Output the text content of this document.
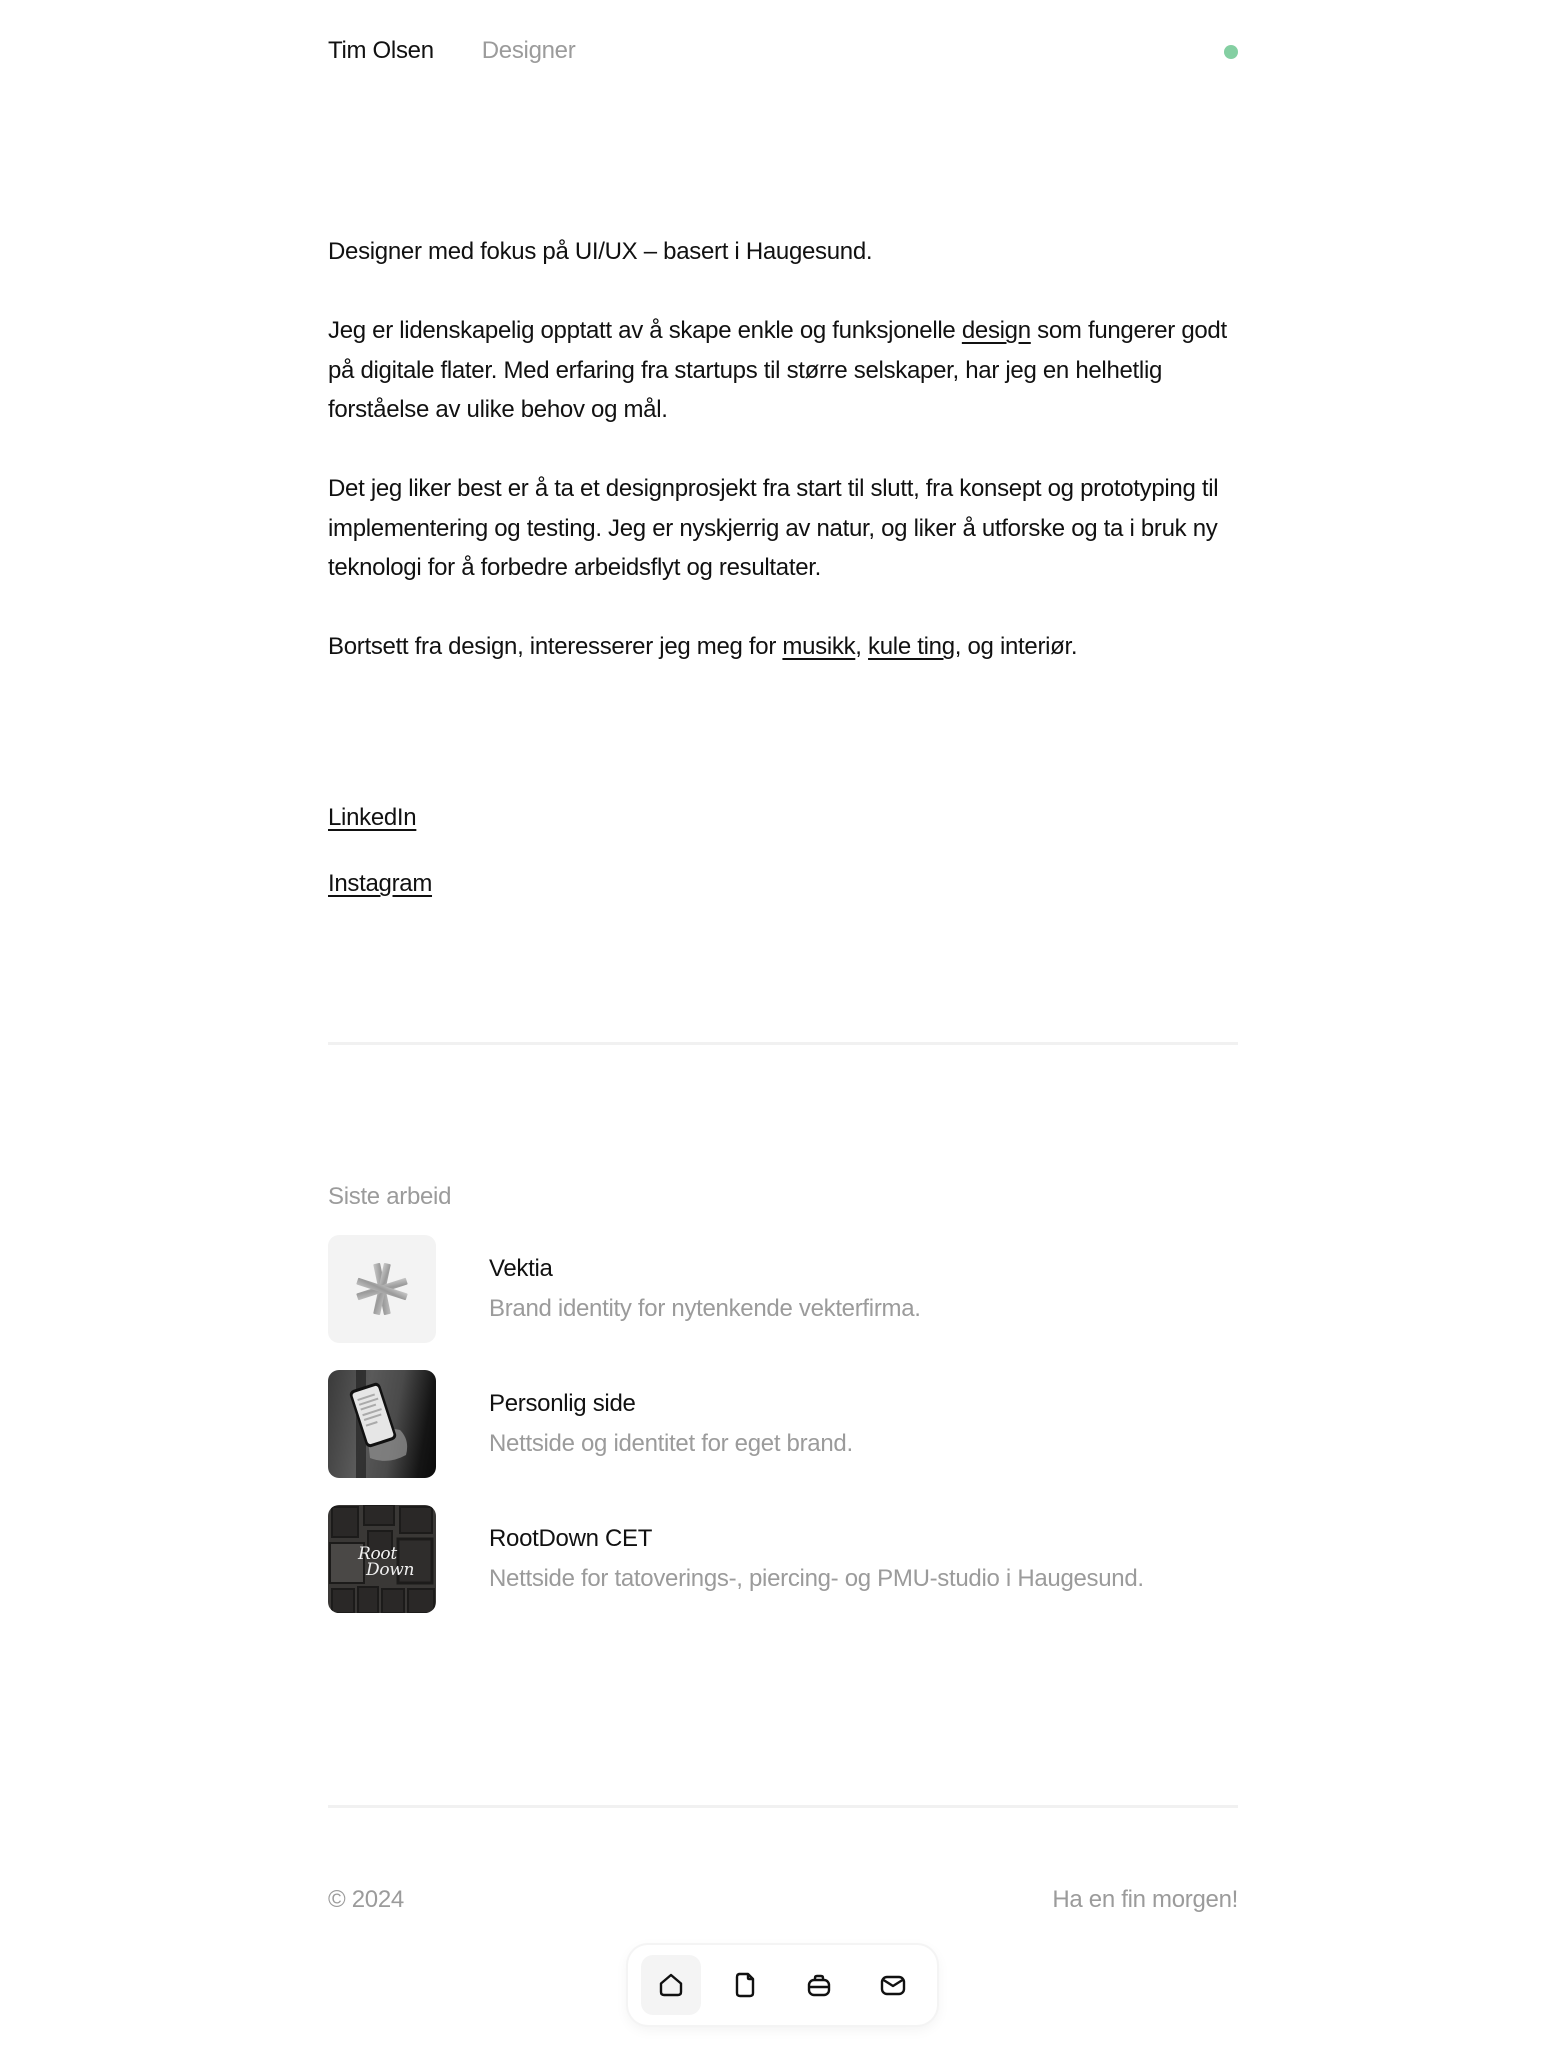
Tim Olsen Designer

Designer med fokus på UI/UX – basert i Haugesund.

Jeg er lidenskapelig opptatt av å skape enkle og funksjonelle design som fungerer godt på digitale flater. Med erfaring fra startups til større selskaper, har jeg en helhetlig forståelse av ulike behov og mål.

Det jeg liker best er å ta et designprosjekt fra start til slutt, fra konsept og prototyping til implementering og testing. Jeg er nyskjerrig av natur, og liker å utforske og ta i bruk ny teknologi for å forbedre arbeidsflyt og resultater.

Bortsett fra design, interesserer jeg meg for musikk, kule ting, og interiør.

LinkedIn
Instagram
Siste arbeid
Vektia
Brand identity for nytenkende vekterfirma.
Personlig side
Nettside og identitet for eget brand.
Root
Down
RootDown CET
Nettside for tatoverings-, piercing- og PMU-studio i Haugesund.
© 2024	Ha en fin morgen!
